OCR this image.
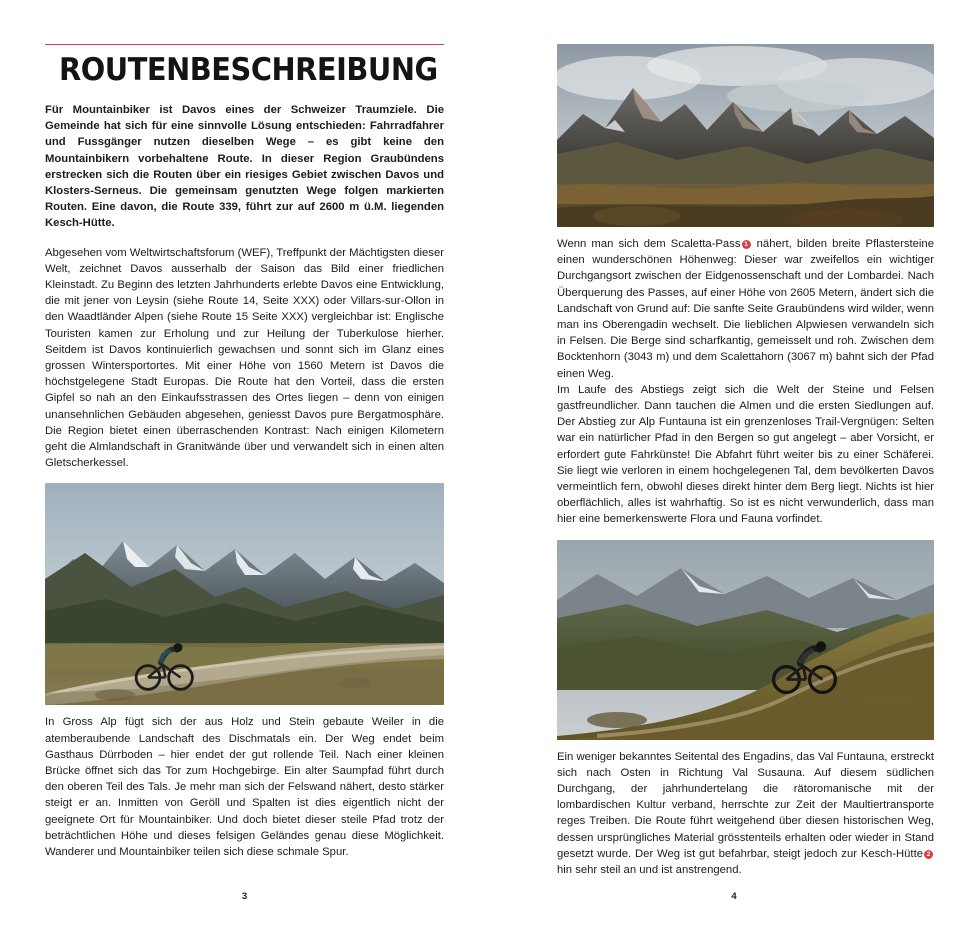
ROUTENBESCHREIBUNG

Für Mountainbiker ist Davos eines der Schweizer Traumziele. Die Gemeinde hat sich für eine sinnvolle Lösung entschieden: Fahrradfahrer und Fussgänger nutzen dieselben Wege – es gibt keine den Mountainbikern vorbehaltene Route. In dieser Region Graubündens erstrecken sich die Routen über ein riesiges Gebiet zwischen Davos und Klosters-Serneus. Die gemeinsam genutzten Wege folgen markierten Routen. Eine davon, die Route 339, führt zur auf 2600 m ü.M. liegenden Kesch-Hütte.

Abgesehen vom Weltwirtschaftsforum (WEF), Treffpunkt der Mächtigsten dieser Welt, zeichnet Davos ausserhalb der Saison das Bild einer friedlichen Kleinstadt. Zu Beginn des letzten Jahrhunderts erlebte Davos eine Entwicklung, die mit jener von Leysin (siehe Route 14, Seite XXX) oder Villars-sur-Ollon in den Waadtländer Alpen (siehe Route 15 Seite XXX) vergleichbar ist: Englische Touristen kamen zur Erholung und zur Heilung der Tuberkulose hierher. Seitdem ist Davos kontinuierlich gewachsen und sonnt sich im Glanz eines grossen Wintersportortes. Mit einer Höhe von 1560 Metern ist Davos die höchstgelegene Stadt Europas. Die Route hat den Vorteil, dass die ersten Gipfel so nah an den Einkaufsstrassen des Ortes liegen – denn von einigen unansehnlichen Gebäuden abgesehen, geniesst Davos pure Bergatmosphäre. Die Region bietet einen überraschenden Kontrast: Nach einigen Kilometern geht die Almlandschaft in Granitwände über und verwandelt sich in einen alten Gletscherkessel.

In Gross Alp fügt sich der aus Holz und Stein gebaute Weiler in die atemberaubende Landschaft des Dischmatals ein. Der Weg endet beim Gasthaus Dürrboden – hier endet der gut rollende Teil. Nach einer kleinen Brücke öffnet sich das Tor zum Hochgebirge. Ein alter Saumpfad führt durch den oberen Teil des Tals. Je mehr man sich der Felswand nähert, desto stärker steigt er an. Inmitten von Geröll und Spalten ist dies eigentlich nicht der geeignete Ort für Mountainbiker. Und doch bietet dieser steile Pfad trotz der beträchtlichen Höhe und dieses felsigen Geländes genau diese Möglichkeit. Wanderer und Mountainbiker teilen sich diese schmale Spur.

3

Wenn man sich dem Scaletta-Pass 1 nähert, bilden breite Pflastersteine einen wunderschönen Höhenweg: Dieser war zweifellos ein wichtiger Durchgangsort zwischen der Eidgenossenschaft und der Lombardei. Nach Überquerung des Passes, auf einer Höhe von 2605 Metern, ändert sich die Landschaft von Grund auf: Die sanfte Seite Graubündens wird wilder, wenn man ins Oberengadin wechselt. Die lieblichen Alpwiesen verwandeln sich in Felsen. Die Berge sind scharfkantig, gemeisselt und roh. Zwischen dem Bocktenhorn (3043 m) und dem Scalettahorn (3067 m) bahnt sich der Pfad einen Weg.

Im Laufe des Abstiegs zeigt sich die Welt der Steine und Felsen gastfreundlicher. Dann tauchen die Almen und die ersten Siedlungen auf. Der Abstieg zur Alp Funtauna ist ein grenzenloses Trail-Vergnügen: Selten war ein natürlicher Pfad in den Bergen so gut angelegt – aber Vorsicht, er erfordert gute Fahrkünste! Die Abfahrt führt weiter bis zu einer Schäferei. Sie liegt wie verloren in einem hochgelegenen Tal, dem bevölkerten Davos vermeintlich fern, obwohl dieses direkt hinter dem Berg liegt. Nichts ist hier oberflächlich, alles ist wahrhaftig. So ist es nicht verwunderlich, dass man hier eine bemerkenswerte Flora und Fauna vorfindet.

Ein weniger bekanntes Seitental des Engadins, das Val Funtauna, erstreckt sich nach Osten in Richtung Val Susauna. Auf diesem südlichen Durchgang, der jahrhundertelang die rätoromanische mit der lombardischen Kultur verband, herrschte zur Zeit der Maultiertransporte reges Treiben. Die Route führt weitgehend über diesen historischen Weg, dessen ursprüngliches Material grösstenteils erhalten oder wieder in Stand gesetzt wurde. Der Weg ist gut befahrbar, steigt jedoch zur Kesch-Hütte 2 hin sehr steil an und ist anstrengend.

4
